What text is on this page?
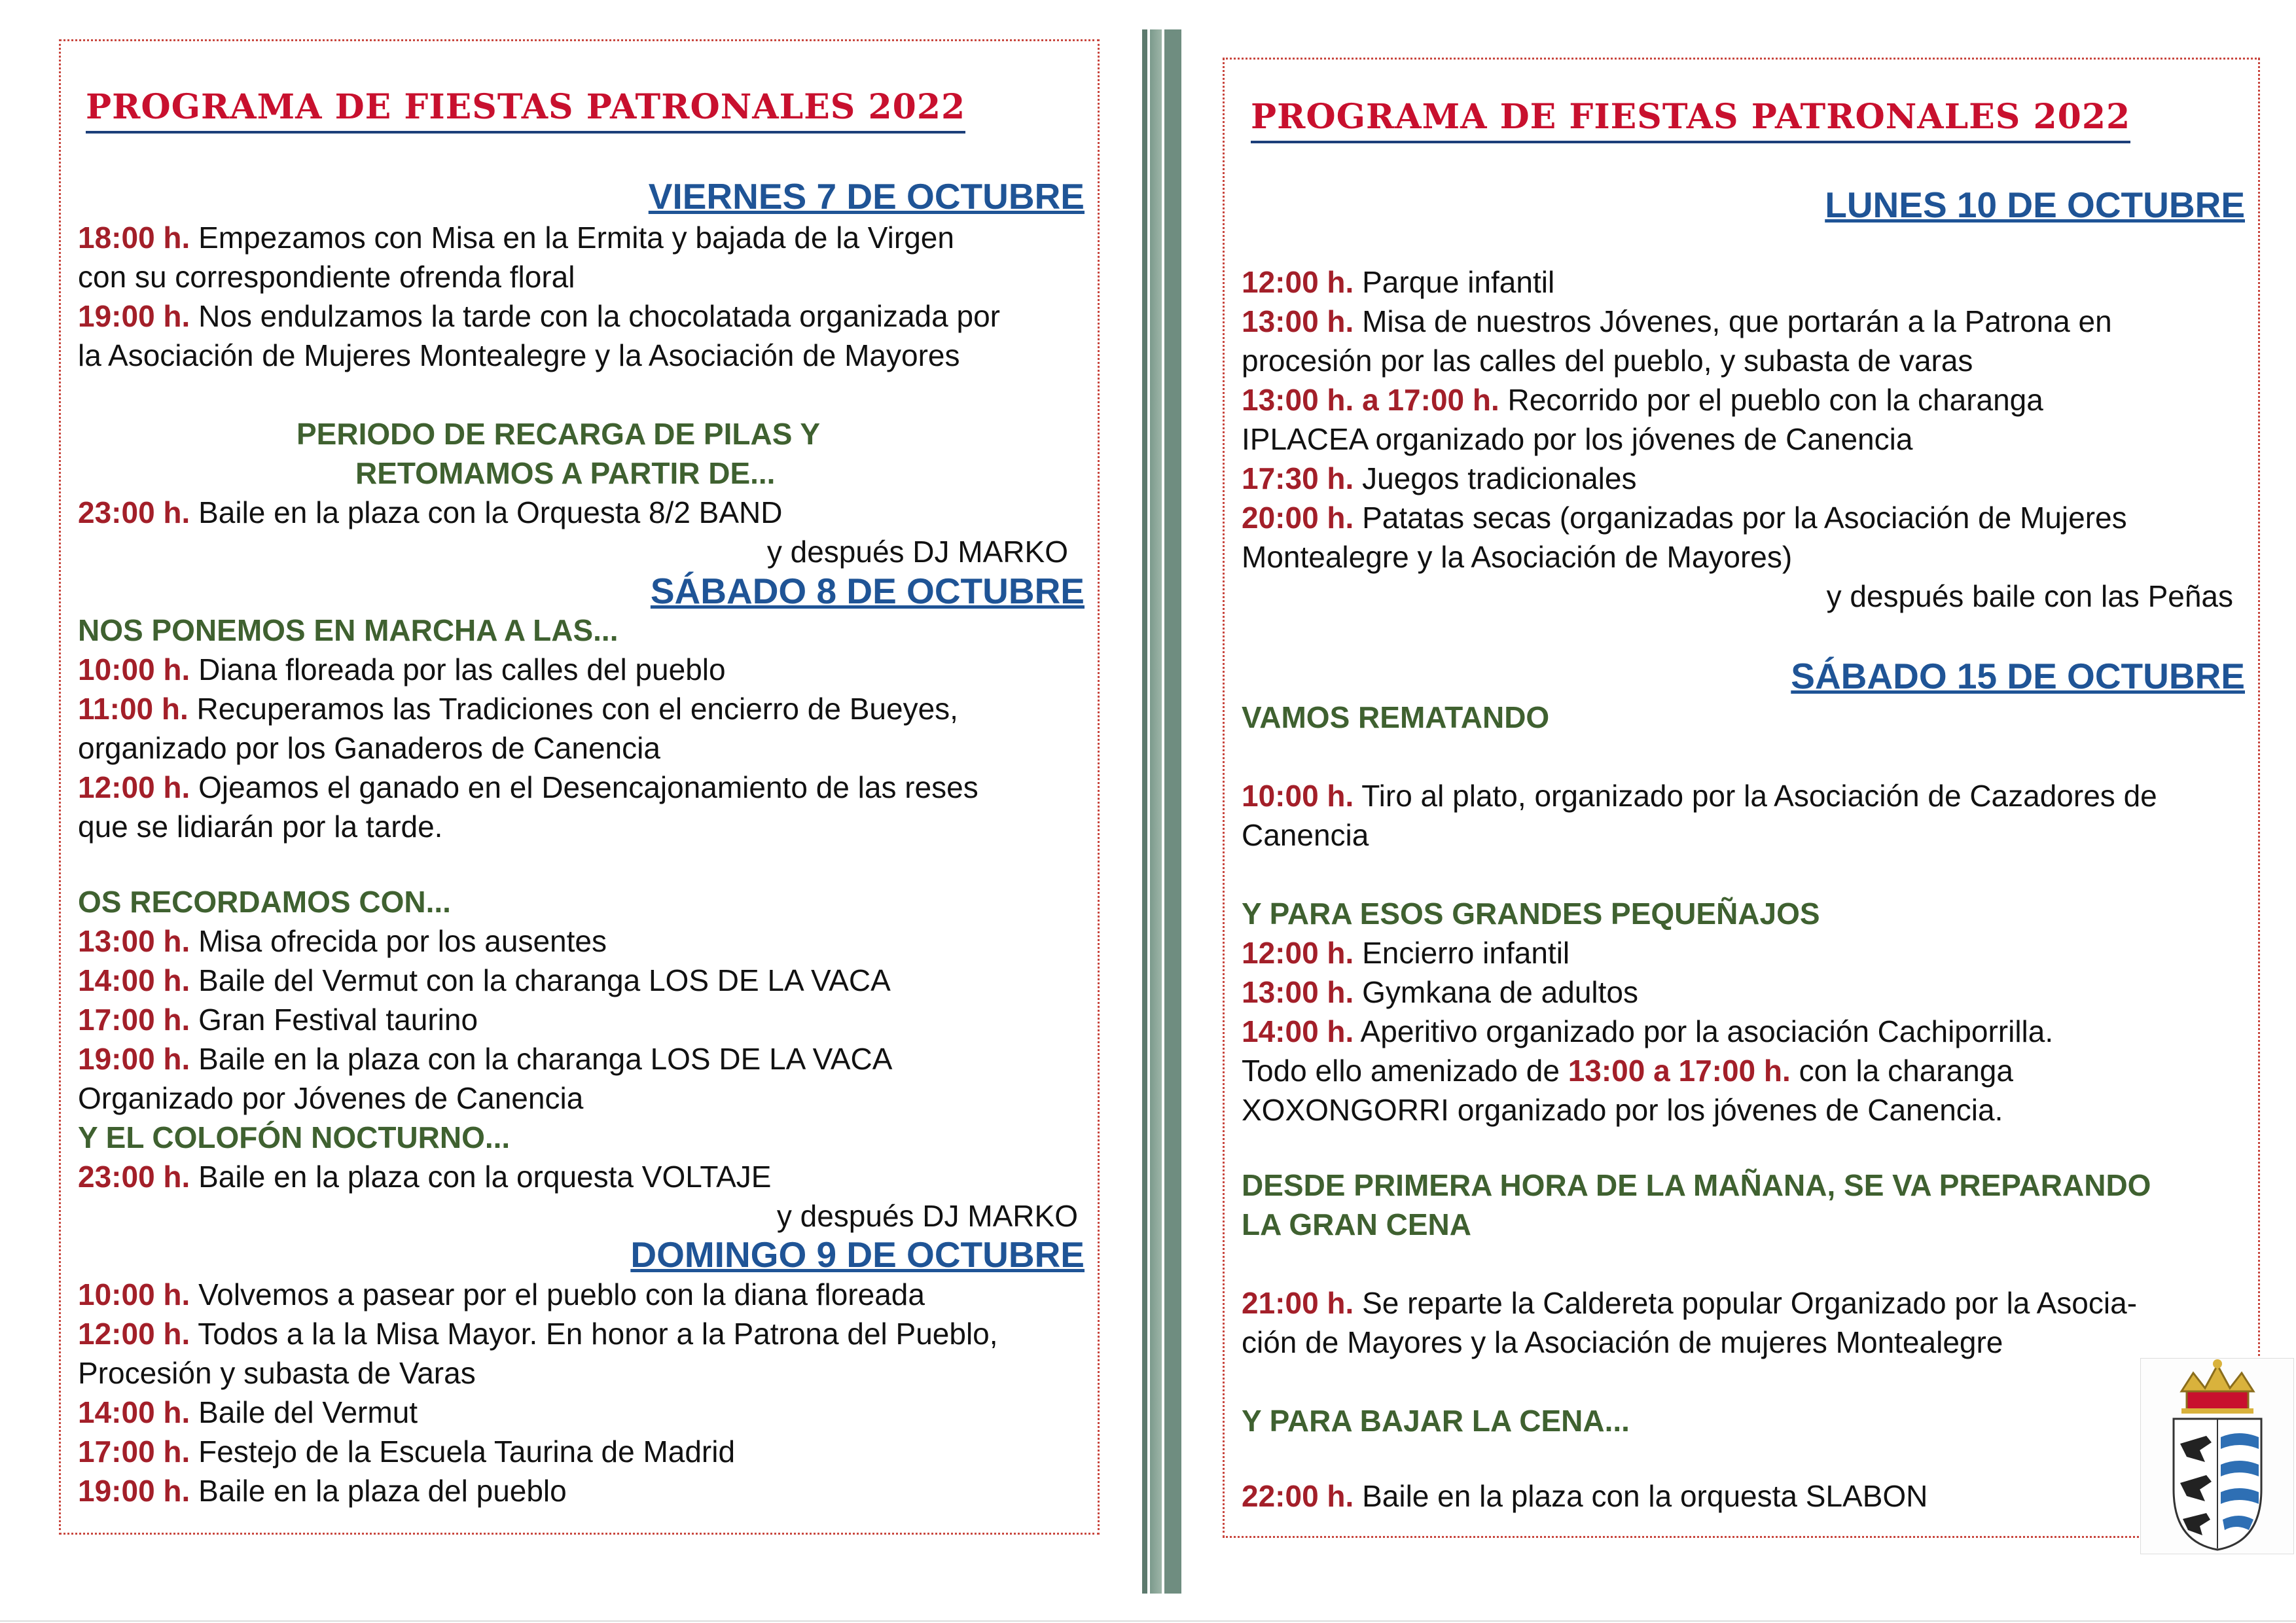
PROGRAMA DE FIESTAS PATRONALES 2022
VIERNES 7 DE OCTUBRE
18:00 h. Empezamos con Misa en la Ermita y bajada de la Virgen
con su correspondiente ofrenda floral
19:00 h. Nos endulzamos la tarde con la chocolatada organizada por
la Asociación de Mujeres Montealegre y la Asociación de Mayores
PERIODO DE RECARGA DE PILAS Y
RETOMAMOS A PARTIR DE...
23:00 h. Baile en la plaza con la Orquesta 8/2 BAND
y después DJ MARKO
SÁBADO 8 DE OCTUBRE
NOS PONEMOS EN MARCHA A LAS...
10:00 h. Diana floreada por las calles del pueblo
11:00 h. Recuperamos las Tradiciones con el encierro de Bueyes,
organizado por los Ganaderos de Canencia
12:00 h. Ojeamos el ganado en el Desencajonamiento de las reses
que se lidiarán por la tarde.
OS RECORDAMOS CON...
13:00 h. Misa ofrecida por los ausentes
14:00 h. Baile del Vermut con la charanga LOS DE LA VACA
17:00 h. Gran Festival taurino
19:00 h. Baile en la plaza con la charanga LOS DE LA VACA
Organizado por Jóvenes de Canencia
Y EL COLOFÓN NOCTURNO...
23:00 h. Baile en la plaza con la orquesta VOLTAJE
y después DJ MARKO
DOMINGO 9 DE OCTUBRE
10:00 h. Volvemos a pasear por el pueblo con la diana floreada
12:00 h. Todos a la la Misa Mayor. En honor a la Patrona del Pueblo,
Procesión y subasta de Varas
14:00 h. Baile del Vermut
17:00 h. Festejo de la Escuela Taurina de Madrid
19:00 h. Baile en la plaza del pueblo
PROGRAMA DE FIESTAS PATRONALES 2022
LUNES 10 DE OCTUBRE
12:00 h. Parque infantil
13:00 h. Misa de nuestros Jóvenes, que portarán a la Patrona en
procesión por las calles del pueblo, y subasta de varas
13:00 h. a 17:00 h. Recorrido por el pueblo con la charanga
IPLACEA organizado por los jóvenes de Canencia
17:30 h. Juegos tradicionales
20:00 h. Patatas secas (organizadas por la Asociación de Mujeres
Montealegre y la Asociación de Mayores)
y después baile con las Peñas
SÁBADO 15 DE OCTUBRE
VAMOS REMATANDO
10:00 h. Tiro al plato, organizado por la Asociación de Cazadores de
Canencia
Y PARA ESOS GRANDES PEQUEÑAJOS
12:00 h. Encierro infantil
13:00 h. Gymkana de adultos
14:00 h. Aperitivo organizado por la asociación Cachiporrilla.
Todo ello amenizado de 13:00 a 17:00 h. con la charanga
XOXONGORRI organizado por los jóvenes de Canencia.
DESDE PRIMERA HORA DE LA MAÑANA, SE VA PREPARANDO
LA GRAN CENA
21:00 h. Se reparte la Caldereta popular Organizado por la Asocia-
ción de Mayores y la Asociación de mujeres Montealegre
Y PARA BAJAR LA CENA...
22:00 h. Baile en la plaza con la orquesta SLABON
